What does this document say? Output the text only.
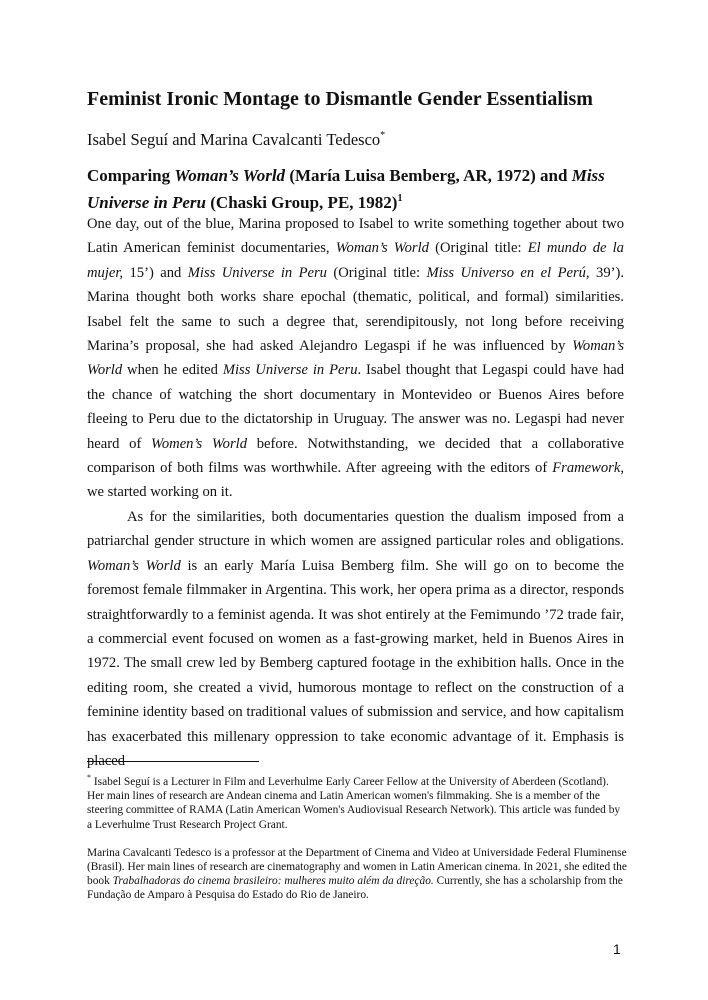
Feminist Ironic Montage to Dismantle Gender Essentialism

Isabel Seguí and Marina Cavalcanti Tedesco*

Comparing Woman’s World (María Luisa Bemberg, AR, 1972) and Miss Universe in Peru (Chaski Group, PE, 1982)$^1$

One day, out of the blue, Marina proposed to Isabel to write something together about two Latin American feminist documentaries, Woman’s World (Original title: El mundo de la mujer, 15’) and Miss Universe in Peru (Original title: Miss Universo en el Perú, 39’). Marina thought both works share epochal (thematic, political, and formal) similarities. Isabel felt the same to such a degree that, serendipitously, not long before receiving Marina’s proposal, she had asked Alejandro Legaspi if he was influenced by Woman’s World when he edited Miss Universe in Peru. Isabel thought that Legaspi could have had the chance of watching the short documentary in Montevideo or Buenos Aires before fleeing to Peru due to the dictatorship in Uruguay. The answer was no. Legaspi had never heard of Women’s World before. Notwithstanding, we decided that a collaborative comparison of both films was worthwhile. After agreeing with the editors of Framework, we started working on it.

As for the similarities, both documentaries question the dualism imposed from a patriarchal gender structure in which women are assigned particular roles and obligations. Woman’s World is an early María Luisa Bemberg film. She will go on to become the foremost female filmmaker in Argentina. This work, her opera prima as a director, responds straightforwardly to a feminist agenda. It was shot entirely at the Femimundo ’72 trade fair, a commercial event focused on women as a fast-growing market, held in Buenos Aires in 1972. The small crew led by Bemberg captured footage in the exhibition halls. Once in the editing room, she created a vivid, humorous montage to reflect on the construction of a feminine identity based on traditional values of submission and service, and how capitalism has exacerbated this millenary oppression to take economic advantage of it. Emphasis is placed

* Isabel Seguí is a Lecturer in Film and Leverhulme Early Career Fellow at the University of Aberdeen (Scotland). Her main lines of research are Andean cinema and Latin American women's filmmaking. She is a member of the steering committee of RAMA (Latin American Women's Audiovisual Research Network). This article was funded by a Leverhulme Trust Research Project Grant.

Marina Cavalcanti Tedesco is a professor at the Department of Cinema and Video at Universidade Federal Fluminense (Brasil). Her main lines of research are cinematography and women in Latin American cinema. In 2021, she edited the book Trabalhadoras do cinema brasileiro: mulheres muito além da direção. Currently, she has a scholarship from the Fundação de Amparo à Pesquisa do Estado do Rio de Janeiro.

1
